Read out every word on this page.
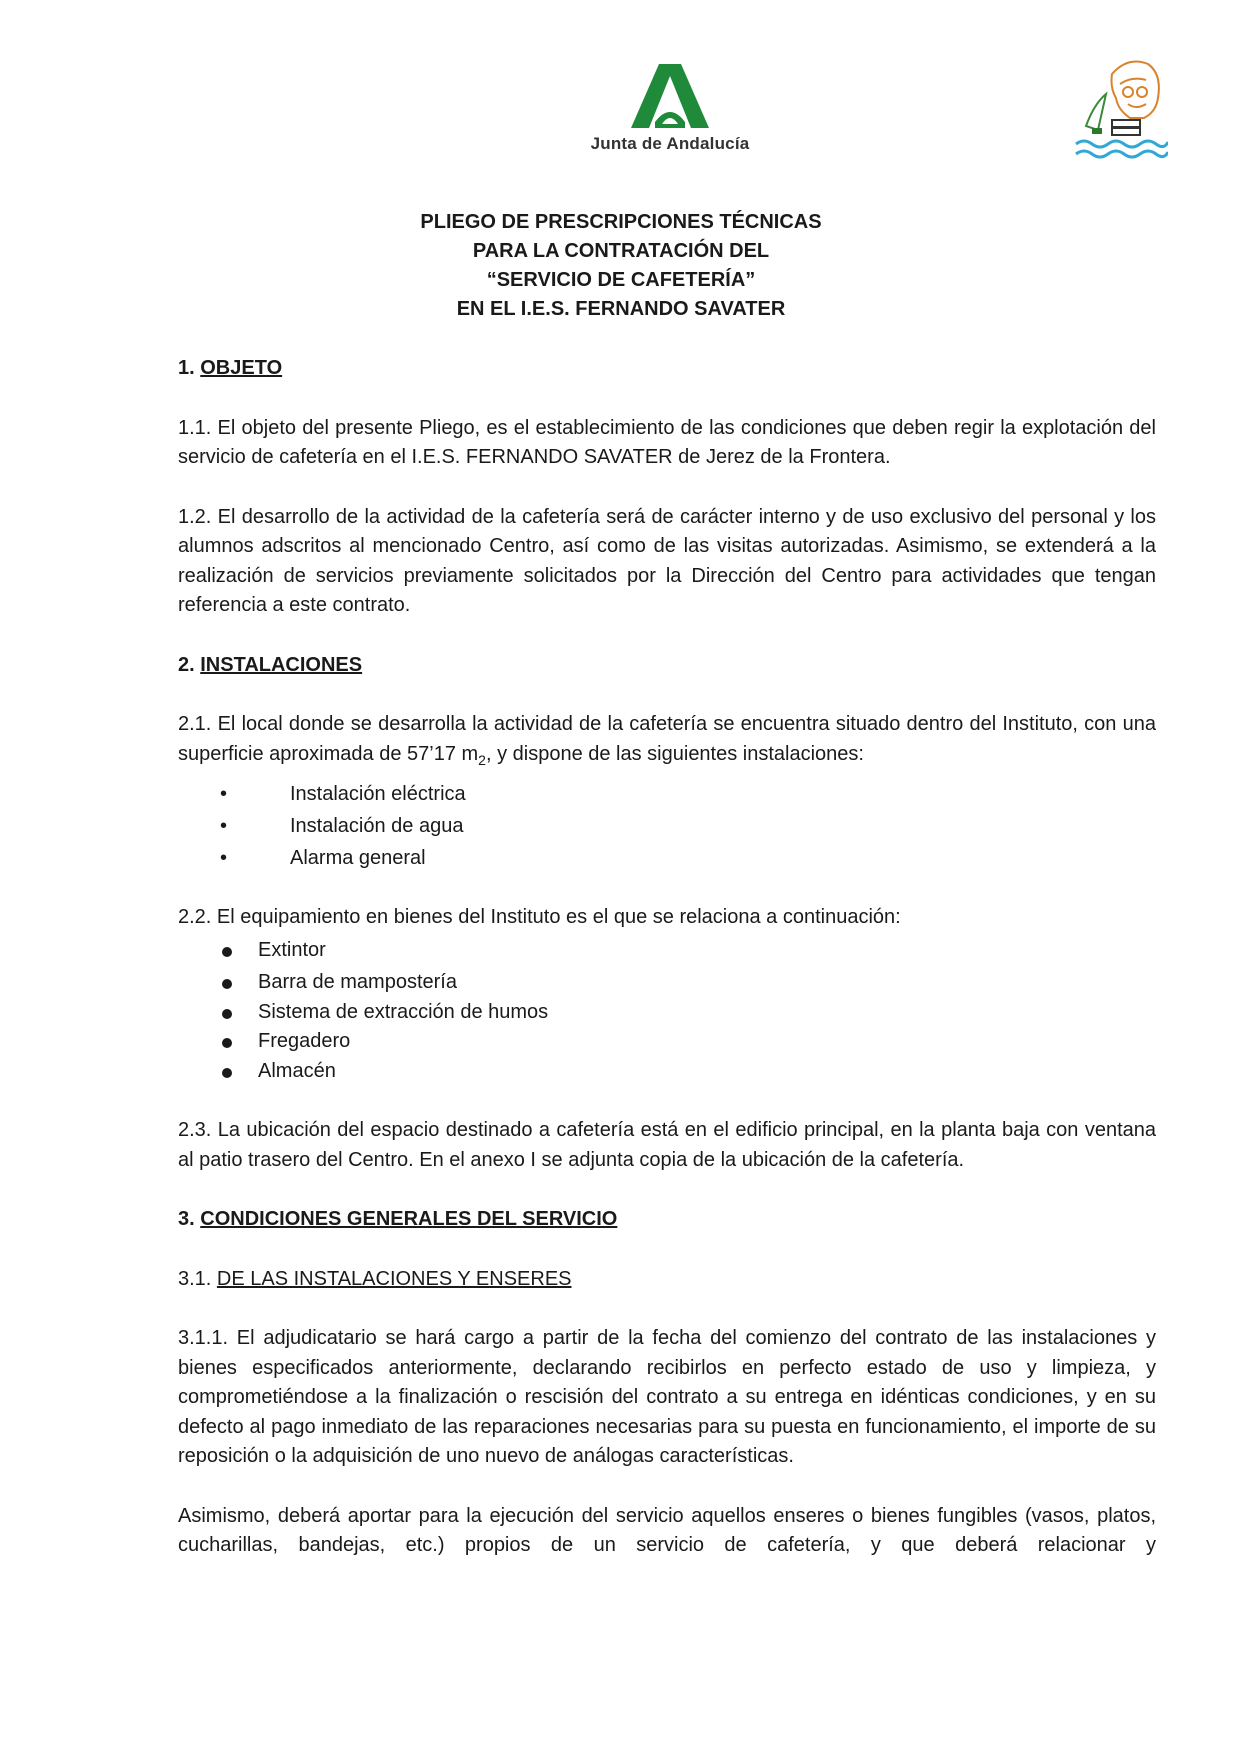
Junta de Andalucía
PLIEGO DE PRESCRIPCIONES TÉCNICAS
PARA LA CONTRATACIÓN DEL
“SERVICIO DE CAFETERÍA”
EN EL I.E.S. FERNANDO SAVATER

1. OBJETO

1.1. El objeto del presente Pliego, es el establecimiento de las condiciones que deben regir la explotación del servicio de cafetería en el I.E.S. FERNANDO SAVATER de Jerez de la Frontera.

1.2. El desarrollo de la actividad de la cafetería será de carácter interno y de uso exclusivo del personal y los alumnos adscritos al mencionado Centro, así como de las visitas autorizadas. Asimismo, se extenderá a la realización de servicios previamente solicitados por la Dirección del Centro para actividades que tengan referencia a este contrato.

2. INSTALACIONES

2.1. El local donde se desarrolla la actividad de la cafetería se encuentra situado dentro del Instituto, con una superficie aproximada de 57’17 $m_2$, y dispone de las siguientes instalaciones:

•	Instalación eléctrica
•	Instalación de agua
•	Alarma general

2.2. El equipamiento en bienes del Instituto es el que se relaciona a continuación:

Extintor
Barra de mampostería
Sistema de extracción de humos
Fregadero
Almacén

2.3. La ubicación del espacio destinado a cafetería está en el edificio principal, en la planta baja con ventana al patio trasero del Centro. En el anexo I se adjunta copia de la ubicación de la cafetería.

3. CONDICIONES GENERALES DEL SERVICIO

3.1. DE LAS INSTALACIONES Y ENSERES

3.1.1. El adjudicatario se hará cargo a partir de la fecha del comienzo del contrato de las instalaciones y bienes especificados anteriormente, declarando recibirlos en perfecto estado de uso y limpieza, y comprometiéndose a la finalización o rescisión del contrato a su entrega en idénticas condiciones, y en su defecto al pago inmediato de las reparaciones necesarias para su puesta en funcionamiento, el importe de su reposición o la adquisición de uno nuevo de análogas características.

Asimismo, deberá aportar para la ejecución del servicio aquellos enseres o bienes fungibles (vasos, platos, cucharillas, bandejas, etc.) propios de un servicio de cafetería, y que deberá relacionar y
